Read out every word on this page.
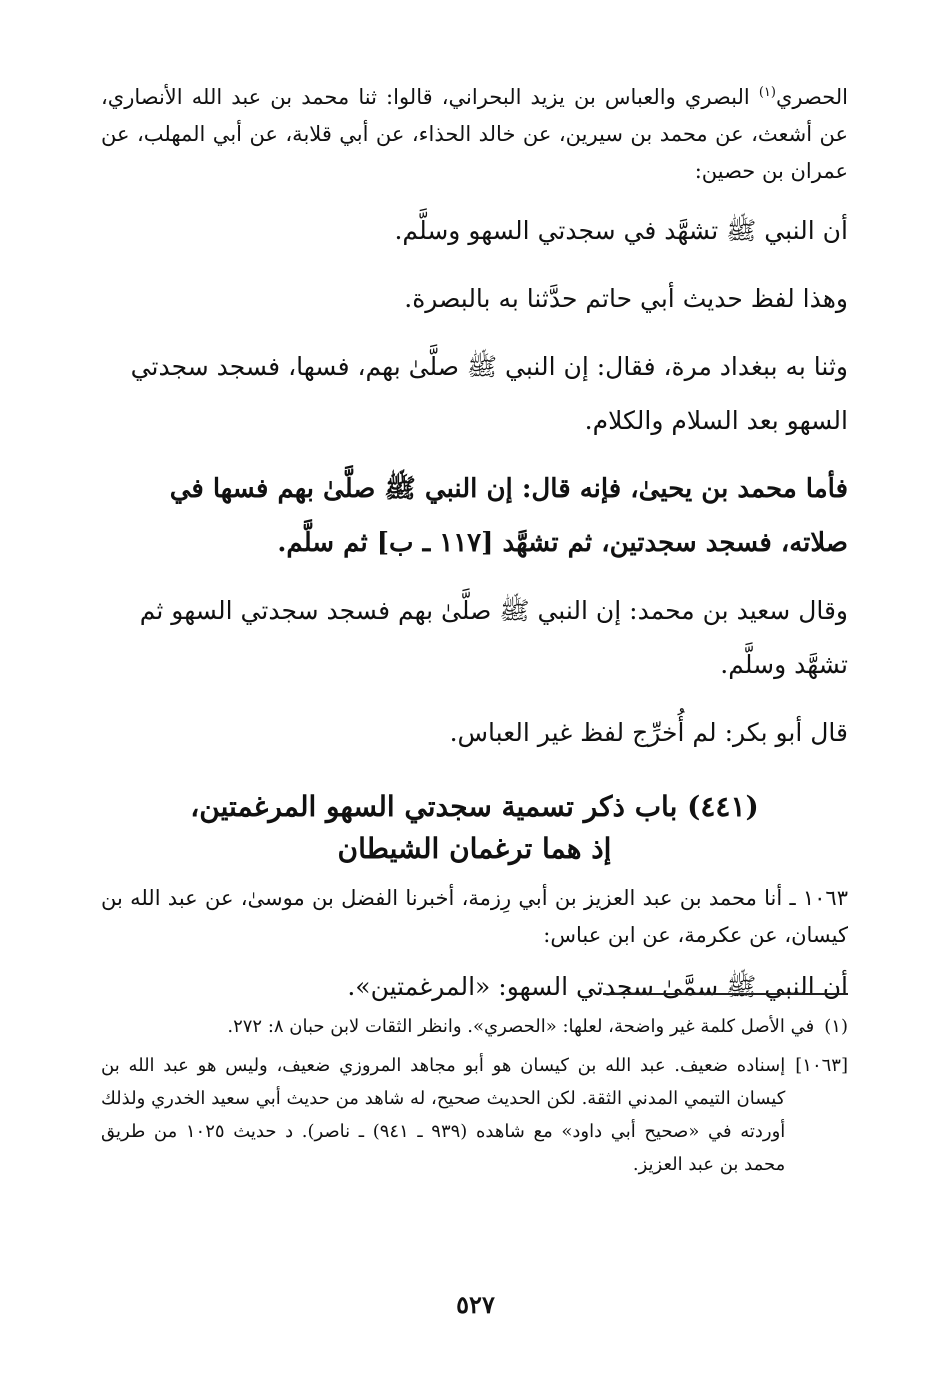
الحصري$^{(١)}$ البصري والعباس بن يزيد البحراني، قالوا: ثنا محمد بن عبد الله الأنصاري، عن أشعث، عن محمد بن سيرين، عن خالد الحذاء، عن أبي قلابة، عن أبي المهلب، عن عمران بن حصين:

أن النبي ﷺ تشهَّد في سجدتي السهو وسلَّم.

وهذا لفظ حديث أبي حاتم حدَّثنا به بالبصرة.

وثنا به ببغداد مرة، فقال: إن النبي ﷺ صلَّىٰ بهم، فسها، فسجد سجدتي السهو بعد السلام والكلام.

فأما محمد بن يحيىٰ، فإنه قال: إن النبي ﷺ صلَّىٰ بهم فسها في صلاته، فسجد سجدتين، ثم تشهَّد [١١٧ ـ ب] ثم سلَّم.

وقال سعيد بن محمد: إن النبي ﷺ صلَّىٰ بهم فسجد سجدتي السهو ثم تشهَّد وسلَّم.

قال أبو بكر: لم أُخرِّج لفظ غير العباس.

(٤٤١) باب ذكر تسمية سجدتي السهو المرغمتين،
إذ هما ترغمان الشيطان

١٠٦٣ ـ أنا محمد بن عبد العزيز بن أبي رِزمة، أخبرنا الفضل بن موسىٰ، عن عبد الله بن كيسان، عن عكرمة، عن ابن عباس:

أن النبي ﷺ سمَّىٰ سجدتي السهو: «المرغمتين».

(١)
في الأصل كلمة غير واضحة، لعلها: «الحصري». وانظر الثقات لابن حبان ٨: ٢٧٢.
[١٠٦٣]
إسناده ضعيف. عبد الله بن كيسان هو أبو مجاهد المروزي ضعيف، وليس هو عبد الله بن كيسان التيمي المدني الثقة. لكن الحديث صحيح، له شاهد من حديث أبي سعيد الخدري ولذلك أوردته في «صحيح أبي داود» مع شاهده (٩٣٩ ـ ٩٤١) ـ ناصر). د حديث ١٠٢٥ من طريق محمد بن عبد العزيز.
٥٢٧
